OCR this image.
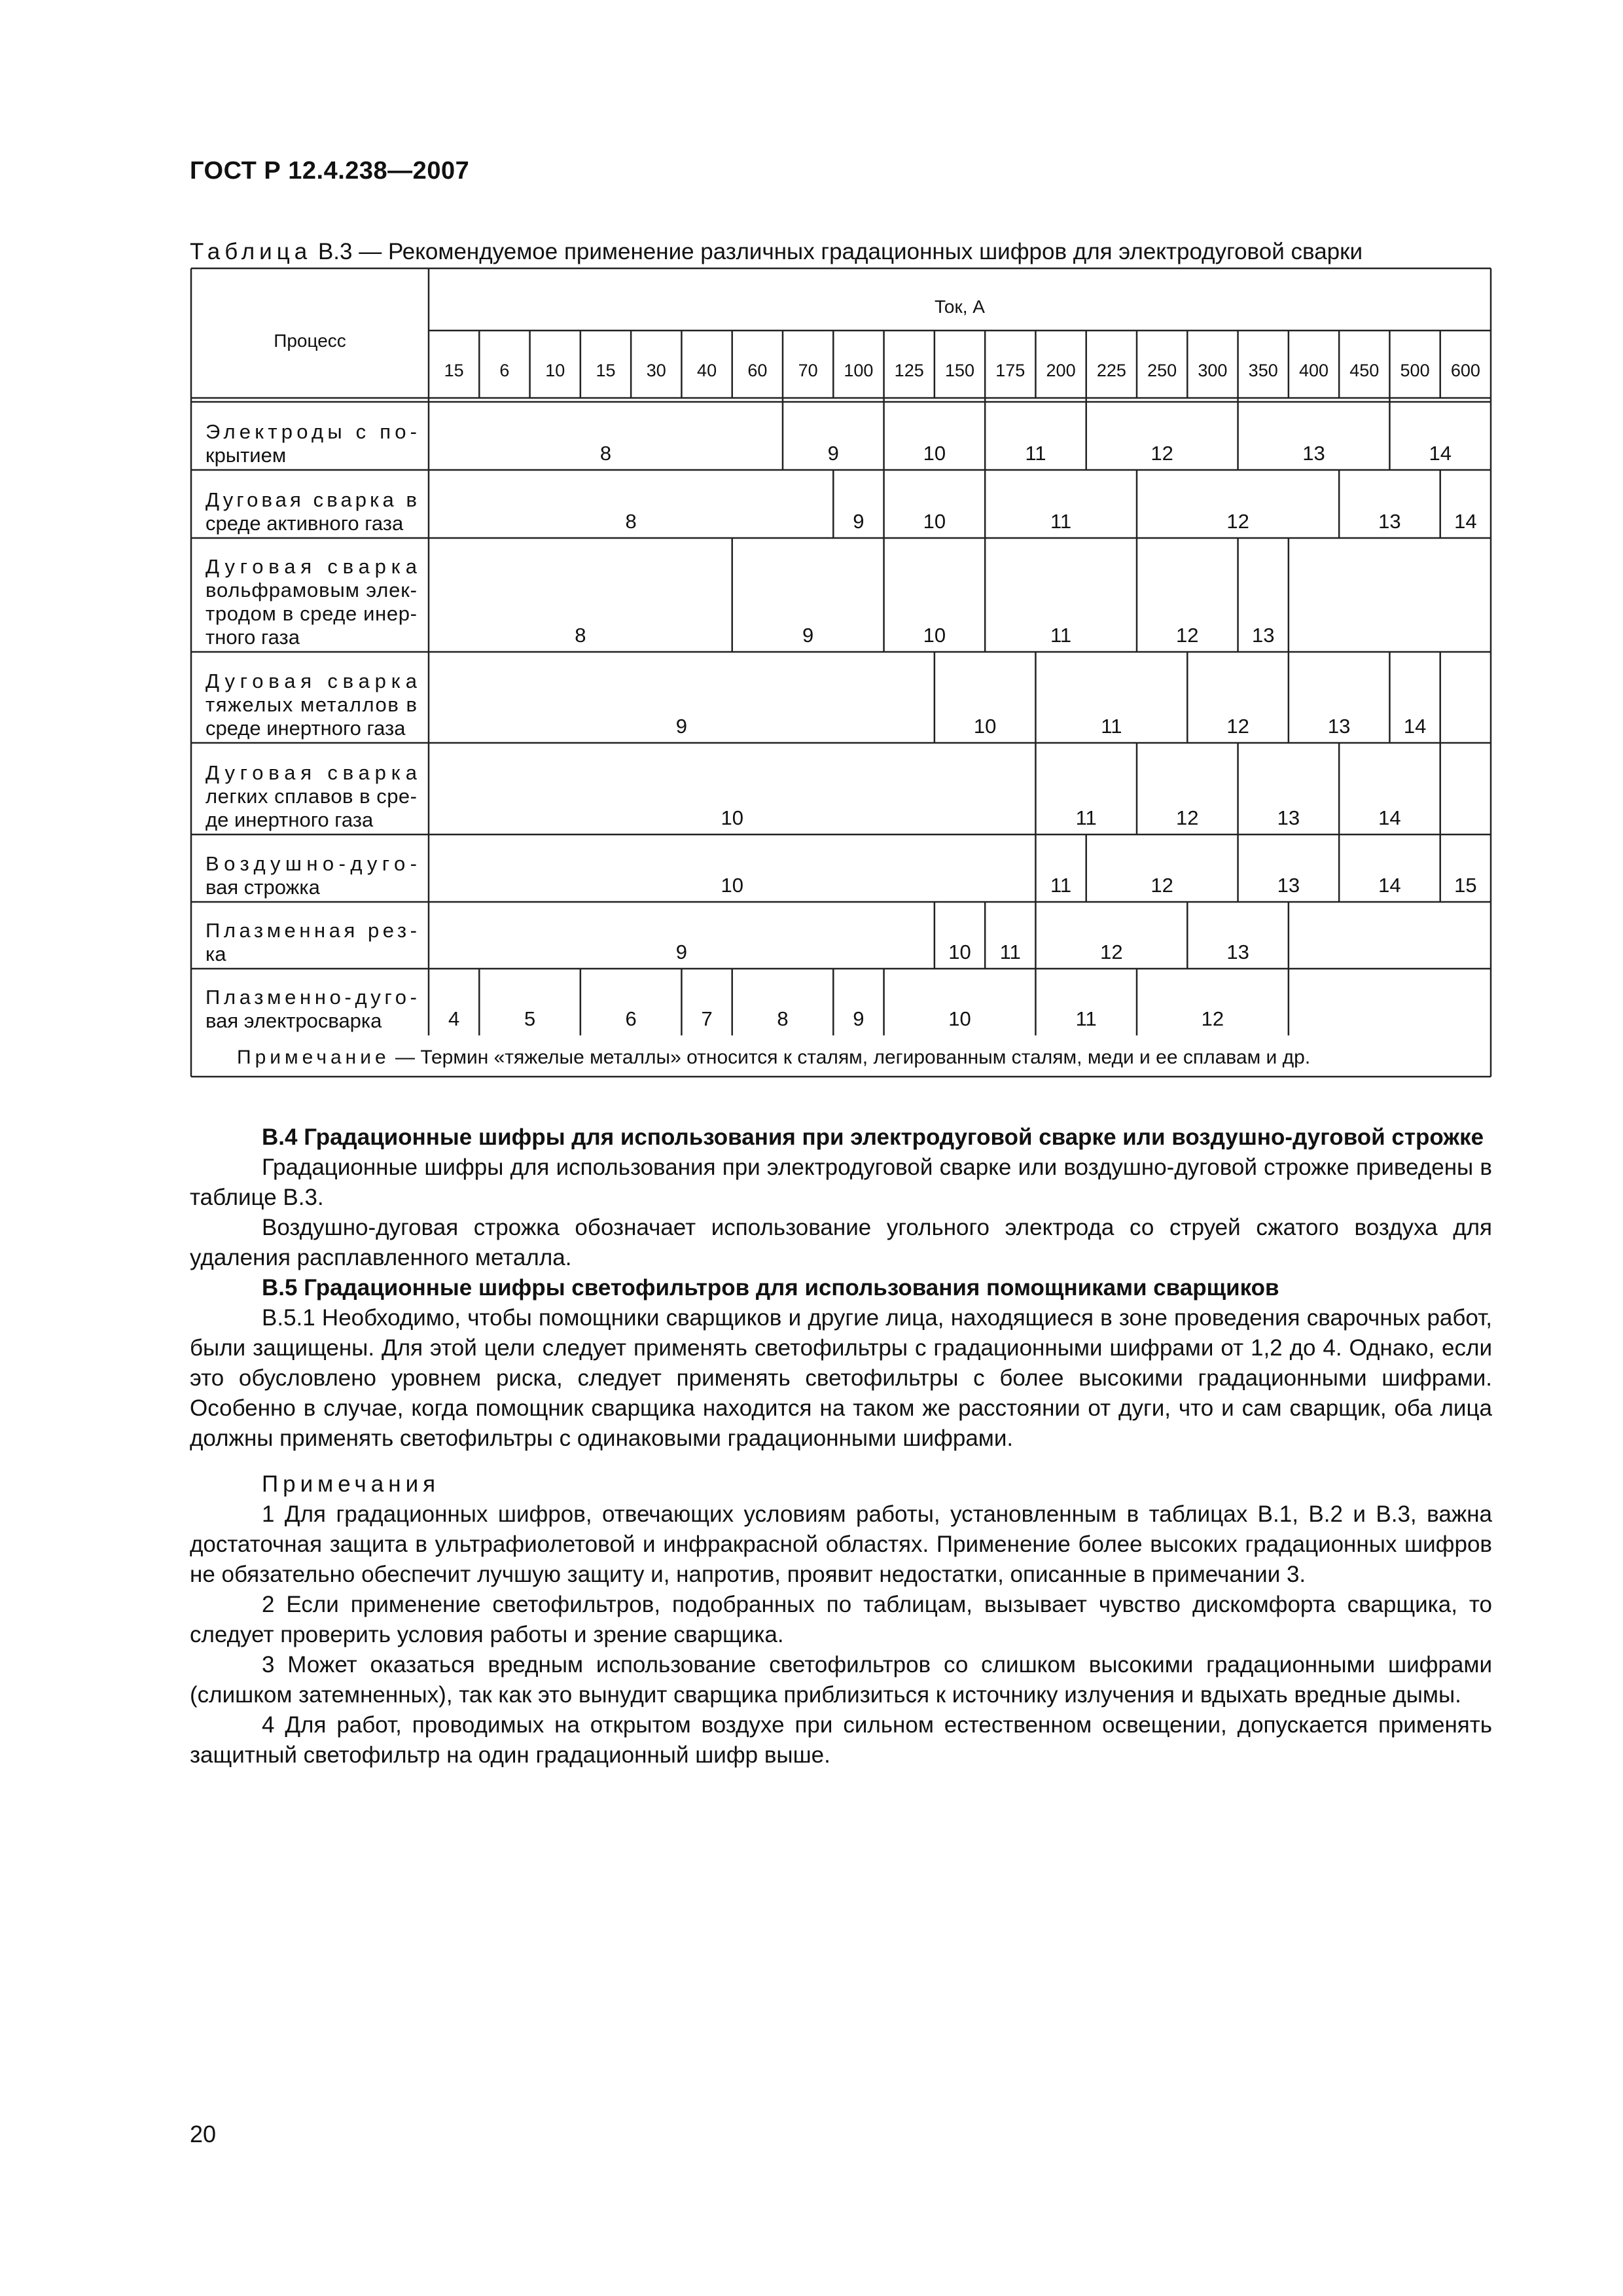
ГОСТ Р 12.4.238—2007
Таблица В.3 — Рекомендуемое применение различных градационных шифров для электродуговой сварки
Процесс
Ток, А
15 6 10 15 30 40 60 70 100 125 150 175 200 225 250 300 350 400 450 500 600
Электроды с по-
крытием	8	9	10	11	12	13	14
Дуговая сварка в
среде активного газа	8	9	10	11	12	13	14
Дуговая сварка
вольфрамовым элек-
тродом в среде инер-
тного газа	8	9	10	11	12	13
Дуговая сварка
тяжелых металлов в
среде инертного газа	9	10	11	12	13	14
Дуговая сварка
легких сплавов в сре-
де инертного газа	10	11	12	13	14
Воздушно-дуго-
вая строжка	10	11	12	13	14	15
Плазменная рез-
ка	9	10 11	12	13
Плазменно-дуго-
вая электросварка	4	5	6	7	8	9	10	11	12
Примечание — Термин «тяжелые металлы» относится к сталям, легированным сталям, меди и ее сплавам и др.

В.4 Градационные шифры для использования при электродуговой сварке или воздушно-дуговой строжке

Градационные шифры для использования при электродуговой сварке или воздушно-дуговой строжке приведены в таблице В.3.

Воздушно-дуговая строжка обозначает использование угольного электрода со струей сжатого воздуха для удаления расплавленного металла.

В.5 Градационные шифры светофильтров для использования помощниками сварщиков

В.5.1 Необходимо, чтобы помощники сварщиков и другие лица, находящиеся в зоне проведения сварочных работ, были защищены. Для этой цели следует применять светофильтры с градационными шифрами от 1,2 до 4. Однако, если это обусловлено уровнем риска, следует применять светофильтры с более высокими градационными шифрами. Особенно в случае, когда помощник сварщика находится на таком же расстоянии от дуги, что и сам сварщик, оба лица должны применять светофильтры с одинаковыми градационными шифрами.

Примечания

1 Для градационных шифров, отвечающих условиям работы, установленным в таблицах В.1, В.2 и В.3, важна достаточная защита в ультрафиолетовой и инфракрасной областях. Применение более высоких градационных шифров не обязательно обеспечит лучшую защиту и, напротив, проявит недостатки, описанные в примечании 3.

2 Если применение светофильтров, подобранных по таблицам, вызывает чувство дискомфорта сварщика, то следует проверить условия работы и зрение сварщика.

3 Может оказаться вредным использование светофильтров со слишком высокими градационными шифрами (слишком затемненных), так как это вынудит сварщика приблизиться к источнику излучения и вдыхать вредные дымы.

4 Для работ, проводимых на открытом воздухе при сильном естественном освещении, допускается применять защитный светофильтр на один градационный шифр выше.

20
